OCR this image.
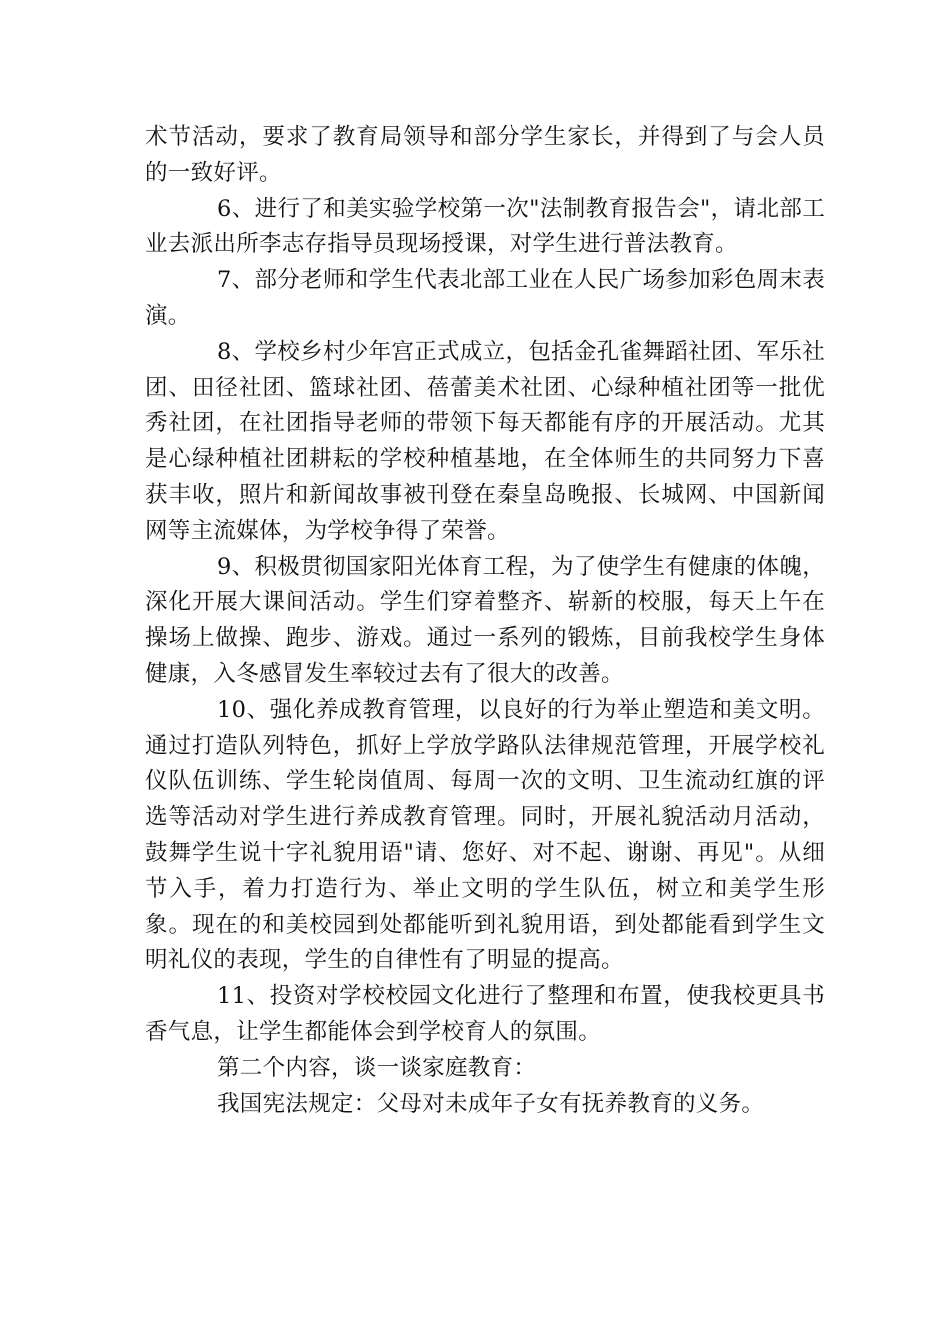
术节活动，要求了教育局领导和部分学生家长，并得到了与会人员的一致好评。

6、进行了和美实验学校第一次"法制教育报告会"，请北部工业去派出所李志存指导员现场授课，对学生进行普法教育。

7、部分老师和学生代表北部工业在人民广场参加彩色周末表演。

8、学校乡村少年宫正式成立，包括金孔雀舞蹈社团、军乐社团、田径社团、篮球社团、蓓蕾美术社团、心绿种植社团等一批优秀社团，在社团指导老师的带领下每天都能有序的开展活动。尤其是心绿种植社团耕耘的学校种植基地，在全体师生的共同努力下喜获丰收，照片和新闻故事被刊登在秦皇岛晚报、长城网、中国新闻网等主流媒体，为学校争得了荣誉。

9、积极贯彻国家阳光体育工程，为了使学生有健康的体魄，深化开展大课间活动。学生们穿着整齐、崭新的校服，每天上午在操场上做操、跑步、游戏。通过一系列的锻炼，目前我校学生身体健康，入冬感冒发生率较过去有了很大的改善。

10、强化养成教育管理，以良好的行为举止塑造和美文明。通过打造队列特色，抓好上学放学路队法律规范管理，开展学校礼仪队伍训练、学生轮岗值周、每周一次的文明、卫生流动红旗的评选等活动对学生进行养成教育管理。同时，开展礼貌活动月活动，鼓舞学生说十字礼貌用语"请、您好、对不起、谢谢、再见"。从细节入手，着力打造行为、举止文明的学生队伍，树立和美学生形象。现在的和美校园到处都能听到礼貌用语，到处都能看到学生文明礼仪的表现，学生的自律性有了明显的提高。

11、投资对学校校园文化进行了整理和布置，使我校更具书香气息，让学生都能体会到学校育人的氛围。

第二个内容，谈一谈家庭教育：

我国宪法规定：父母对未成年子女有抚养教育的义务。
